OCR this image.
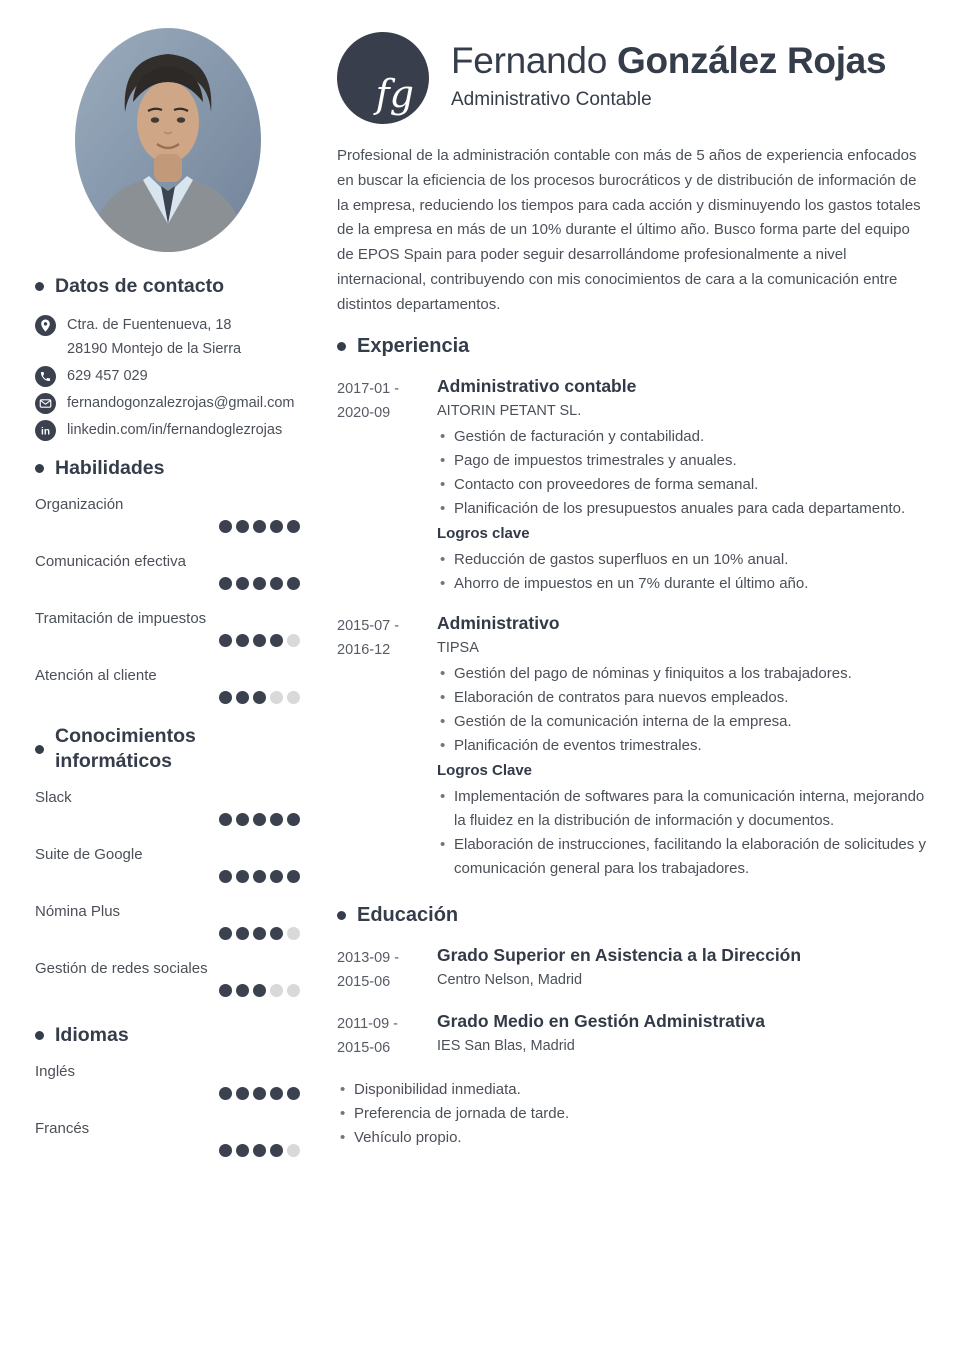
Datos de contacto
Ctra. de Fuentenueva, 18
28190 Montejo de la Sierra
629 457 029
fernandogonzalezrojas@gmail.com
in linkedin.com/in/fernandoglezrojas
Habilidades
Organización
Comunicación efectiva
Tramitación de impuestos
Atención al cliente
Conocimientos informáticos
Slack
Suite de Google
Nómina Plus
Gestión de redes sociales
Idiomas
Inglés
Francés
fg
Fernando González Rojas
Administrativo Contable

Profesional de la administración contable con más de 5 años de experiencia enfocados en buscar la eficiencia de los procesos burocráticos y de distribución de información de la empresa, reduciendo los tiempos para cada acción y disminuyendo los gastos totales de la empresa en más de un 10% durante el último año. Busco forma parte del equipo de EPOS Spain para poder seguir desarrollándome profesionalmente a nivel internacional, contribuyendo con mis conocimientos de cara a la comunicación entre distintos departamentos.

Experiencia
2017-01 -
2020-09
Administrativo contable
AITORIN PETANT SL.
• Gestión de facturación y contabilidad.
• Pago de impuestos trimestrales y anuales.
• Contacto con proveedores de forma semanal.
• Planificación de los presupuestos anuales para cada departamento.
Logros clave
• Reducción de gastos superfluos en un 10% anual.
• Ahorro de impuestos en un 7% durante el último año.
2015-07 -
2016-12
Administrativo
TIPSA
• Gestión del pago de nóminas y finiquitos a los trabajadores.
• Elaboración de contratos para nuevos empleados.
• Gestión de la comunicación interna de la empresa.
• Planificación de eventos trimestrales.
Logros Clave
• Implementación de softwares para la comunicación interna, mejorando la fluidez en la distribución de información y documentos.
• Elaboración de instrucciones, facilitando la elaboración de solicitudes y comunicación general para los trabajadores.
Educación
2013-09 -
2015-06
Grado Superior en Asistencia a la Dirección
Centro Nelson, Madrid
2011-09 -
2015-06
Grado Medio en Gestión Administrativa
IES San Blas, Madrid
• Disponibilidad inmediata.
• Preferencia de jornada de tarde.
• Vehículo propio.
